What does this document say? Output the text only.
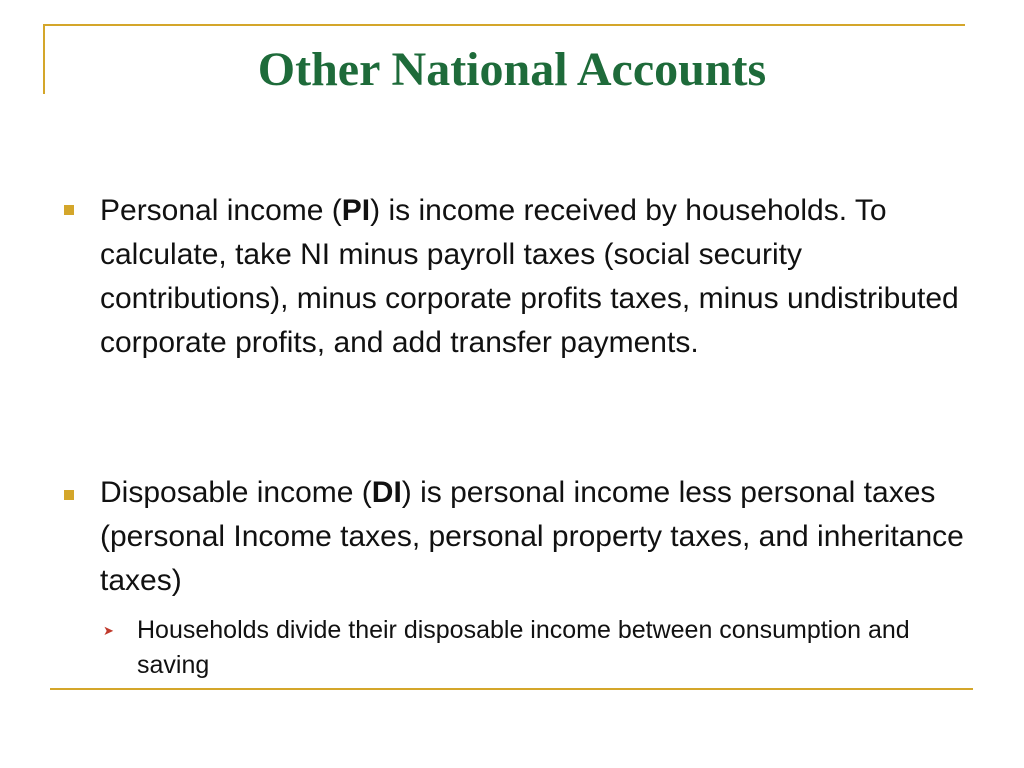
Other National Accounts
Personal income (PI) is income received by households. To calculate, take NI minus payroll taxes (social security contributions), minus corporate profits taxes, minus undistributed corporate profits, and add transfer payments.
Disposable income (DI) is personal income less personal taxes (personal Income taxes, personal property taxes, and inheritance taxes)
➤ Households divide their disposable income between consumption and saving
